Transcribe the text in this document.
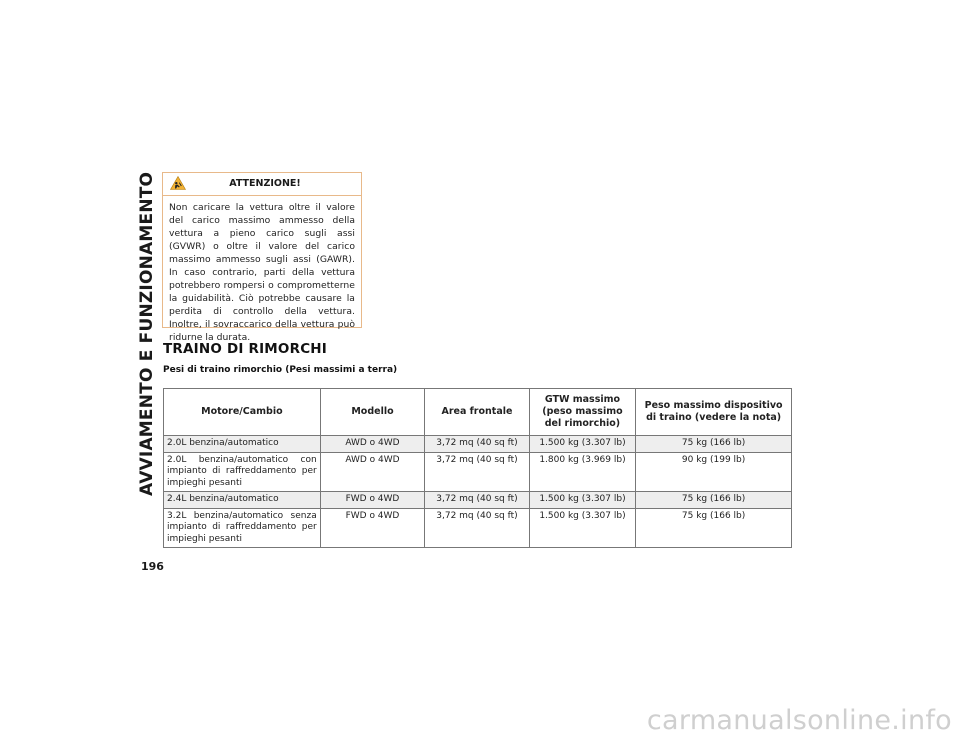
AVVIAMENTO E FUNZIONAMENTO
196
ATTENZIONE!
Non caricare la vettura oltre il valore del carico massimo ammesso della vettura a pieno carico sugli assi (GVWR) o oltre il valore del carico massimo ammesso sugli assi (GAWR). In caso contrario, parti della vettura potrebbero rompersi o comprometterne la guidabilità. Ciò potrebbe causare la perdita di controllo della vettura. Inoltre, il sovraccarico della vettura può ridurne la durata.
TRAINO DI RIMORCHI
Pesi di traino rimorchio (Pesi massimi a terra)
Motore/Cambio	Modello	Area frontale	GTW massimo (peso massimo del rimorchio)	Peso massimo dispositivo di traino (vedere la nota)
2.0L benzina/automatico	AWD o 4WD	3,72 mq (40 sq ft)	1.500 kg (3.307 lb)	75 kg (166 lb)
2.0L benzina/automatico con impianto di raffreddamento per impieghi pesanti	AWD o 4WD	3,72 mq (40 sq ft)	1.800 kg (3.969 lb)	90 kg (199 lb)
2.4L benzina/automatico	FWD o 4WD	3,72 mq (40 sq ft)	1.500 kg (3.307 lb)	75 kg (166 lb)
3.2L benzina/automatico senza impianto di raffreddamento per impieghi pesanti	FWD o 4WD	3,72 mq (40 sq ft)	1.500 kg (3.307 lb)	75 kg (166 lb)
carmanualsonline.info
